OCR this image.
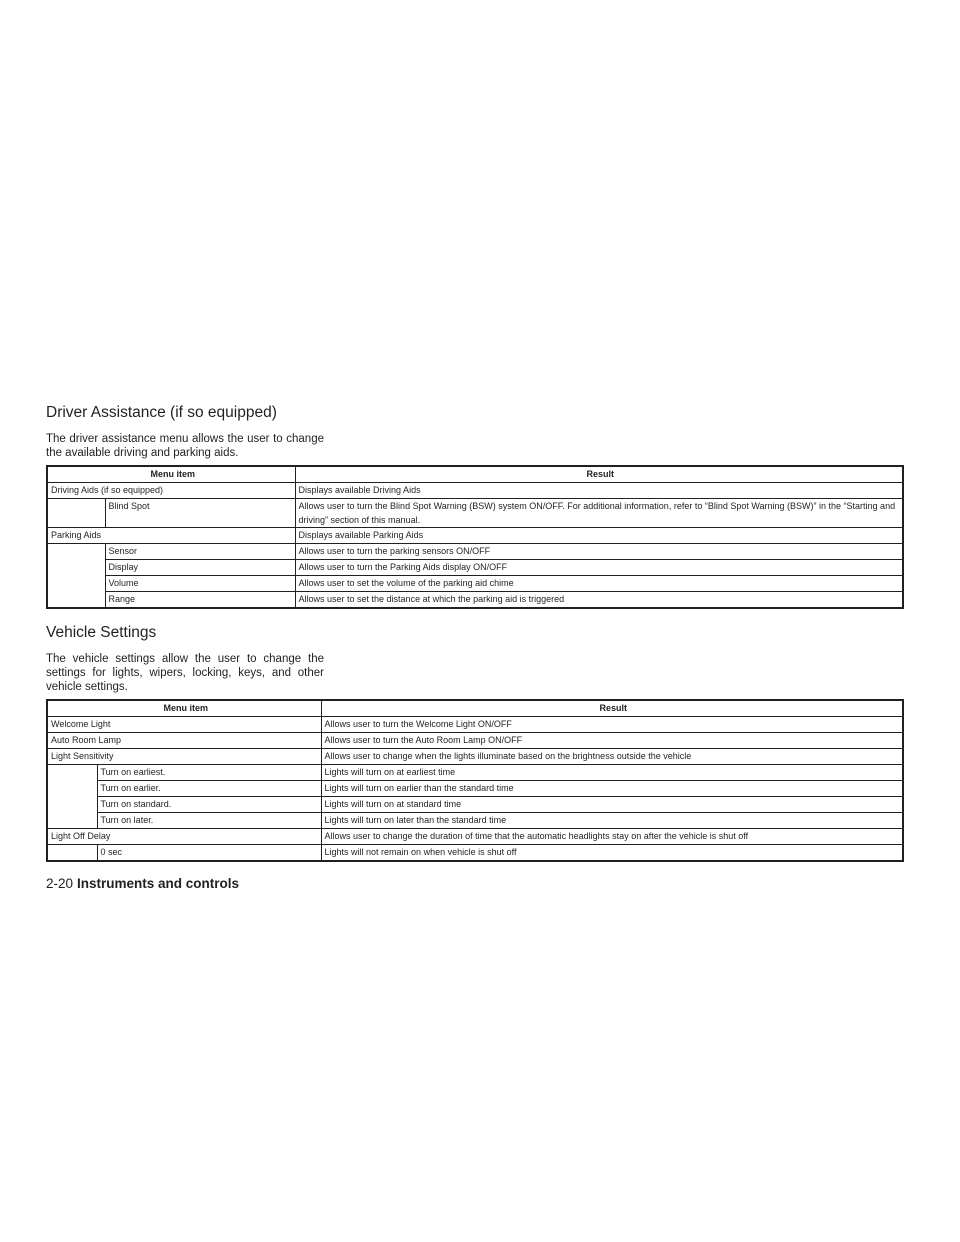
Driver Assistance (if so equipped)

The driver assistance menu allows the user to change the available driving and parking aids.

Menu item		Result
Driving Aids (if so equipped)		Displays available Driving Aids
	Blind Spot	Allows user to turn the Blind Spot Warning (BSW) system ON/OFF. For additional information, refer to “Blind Spot Warning (BSW)” in the “Starting and driving” section of this manual.
Parking Aids		Displays available Parking Aids
	Sensor	Allows user to turn the parking sensors ON/OFF
	Display	Allows user to turn the Parking Aids display ON/OFF
	Volume	Allows user to set the volume of the parking aid chime
	Range	Allows user to set the distance at which the parking aid is triggered
Vehicle Settings

The vehicle settings allow the user to change the settings for lights, wipers, locking, keys, and other vehicle settings.

Menu item		Result
Welcome Light		Allows user to turn the Welcome Light ON/OFF
Auto Room Lamp		Allows user to turn the Auto Room Lamp ON/OFF
Light Sensitivity		Allows user to change when the lights illuminate based on the brightness outside the vehicle
	Turn on earliest.	Lights will turn on at earliest time
	Turn on earlier.	Lights will turn on earlier than the standard time
	Turn on standard.	Lights will turn on at standard time
	Turn on later.	Lights will turn on later than the standard time
Light Off Delay		Allows user to change the duration of time that the automatic headlights stay on after the vehicle is shut off
	0 sec	Lights will not remain on when vehicle is shut off
2-20 Instruments and controls
